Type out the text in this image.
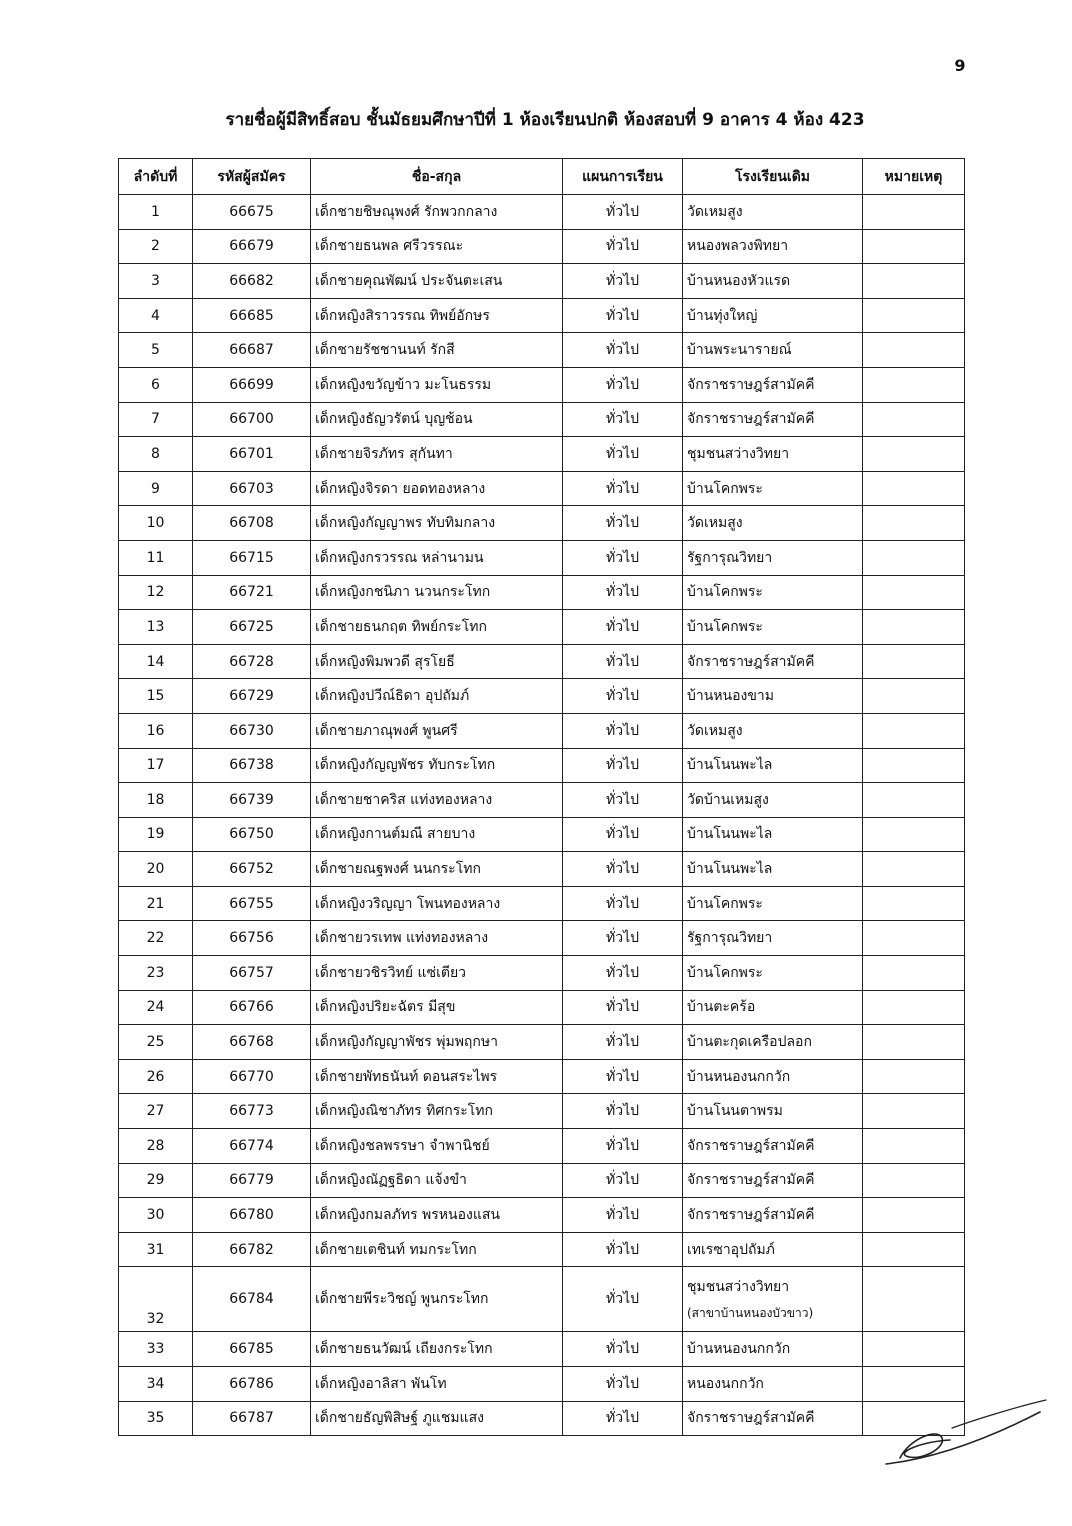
9
รายชื่อผู้มีสิทธิ์สอบ ชั้นมัธยมศึกษาปีที่ 1 ห้องเรียนปกติ ห้องสอบที่ 9 อาคาร 4 ห้อง 423
ลำดับที่	รหัสผู้สมัคร	ชื่อ-สกุล	แผนการเรียน	โรงเรียนเดิม	หมายเหตุ
1	66675	เด็กชายชิษณุพงศ์ รักพวกกลาง	ทั่วไป	วัดเหมสูง	
2	66679	เด็กชายธนพล ศรีวรรณะ	ทั่วไป	หนองพลวงพิทยา	
3	66682	เด็กชายคุณพัฒน์ ประจันตะเสน	ทั่วไป	บ้านหนองหัวแรด	
4	66685	เด็กหญิงสิราวรรณ ทิพย์อักษร	ทั่วไป	บ้านทุ่งใหญ่	
5	66687	เด็กชายรัชชานนท์ รักสี	ทั่วไป	บ้านพระนารายณ์	
6	66699	เด็กหญิงขวัญข้าว มะโนธรรม	ทั่วไป	จักราชราษฎร์สามัคคี	
7	66700	เด็กหญิงธัญวรัตน์ บุญช้อน	ทั่วไป	จักราชราษฎร์สามัคคี	
8	66701	เด็กชายจิรภัทร สุกันทา	ทั่วไป	ชุมชนสว่างวิทยา	
9	66703	เด็กหญิงจิรดา ยอดทองหลาง	ทั่วไป	บ้านโคกพระ	
10	66708	เด็กหญิงกัญญาพร ทับทิมกลาง	ทั่วไป	วัดเหมสูง	
11	66715	เด็กหญิงกรวรรณ หล่านามน	ทั่วไป	รัฐการุณวิทยา	
12	66721	เด็กหญิงกชนิภา นวนกระโทก	ทั่วไป	บ้านโคกพระ	
13	66725	เด็กชายธนกฤต ทิพย์กระโทก	ทั่วไป	บ้านโคกพระ	
14	66728	เด็กหญิงพิมพวดี สุรโยธี	ทั่วไป	จักราชราษฎร์สามัคคี	
15	66729	เด็กหญิงปวีณ์ธิดา อุปถัมภ์	ทั่วไป	บ้านหนองขาม	
16	66730	เด็กชายภาณุพงศ์ พูนศรี	ทั่วไป	วัดเหมสูง	
17	66738	เด็กหญิงกัญญพัชร ทับกระโทก	ทั่วไป	บ้านโนนพะไล	
18	66739	เด็กชายชาคริส แท่งทองหลาง	ทั่วไป	วัดบ้านเหมสูง	
19	66750	เด็กหญิงกานต์มณี สายบาง	ทั่วไป	บ้านโนนพะไล	
20	66752	เด็กชายณฐพงศ์ นนกระโทก	ทั่วไป	บ้านโนนพะไล	
21	66755	เด็กหญิงวริญญา โพนทองหลาง	ทั่วไป	บ้านโคกพระ	
22	66756	เด็กชายวรเทพ แท่งทองหลาง	ทั่วไป	รัฐการุณวิทยา	
23	66757	เด็กชายวชิรวิทย์ แซ่เตียว	ทั่วไป	บ้านโคกพระ	
24	66766	เด็กหญิงปริยะฉัตร มีสุข	ทั่วไป	บ้านตะคร้อ	
25	66768	เด็กหญิงกัญญาพัชร พุ่มพฤกษา	ทั่วไป	บ้านตะกุดเครือปลอก	
26	66770	เด็กชายพัทธนันท์ ดอนสระไพร	ทั่วไป	บ้านหนองนกกวัก	
27	66773	เด็กหญิงณิชาภัทร ทิศกระโทก	ทั่วไป	บ้านโนนตาพรม	
28	66774	เด็กหญิงชลพรรษา จำพานิชย์	ทั่วไป	จักราชราษฎร์สามัคคี	
29	66779	เด็กหญิงณัฏฐธิดา แจ้งขำ	ทั่วไป	จักราชราษฎร์สามัคคี	
30	66780	เด็กหญิงกมลภัทร พรหนองแสน	ทั่วไป	จักราชราษฎร์สามัคคี	
31	66782	เด็กชายเตชินท์ ทมกระโทก	ทั่วไป	เทเรซาอุปถัมภ์	
32	66784	เด็กชายพีระวิชญ์ พูนกระโทก	ทั่วไป	ชุมชนสว่างวิทยา
(สาขาบ้านหนองบัวขาว)	

33	66785	เด็กชายธนวัฒน์ เถียงกระโทก	ทั่วไป	บ้านหนองนกกวัก	
34	66786	เด็กหญิงอาลิสา พันโท	ทั่วไป	หนองนกกวัก	
35	66787	เด็กชายธัญพิสิษฐ์ ภูแชมแสง	ทั่วไป	จักราชราษฎร์สามัคคี	
